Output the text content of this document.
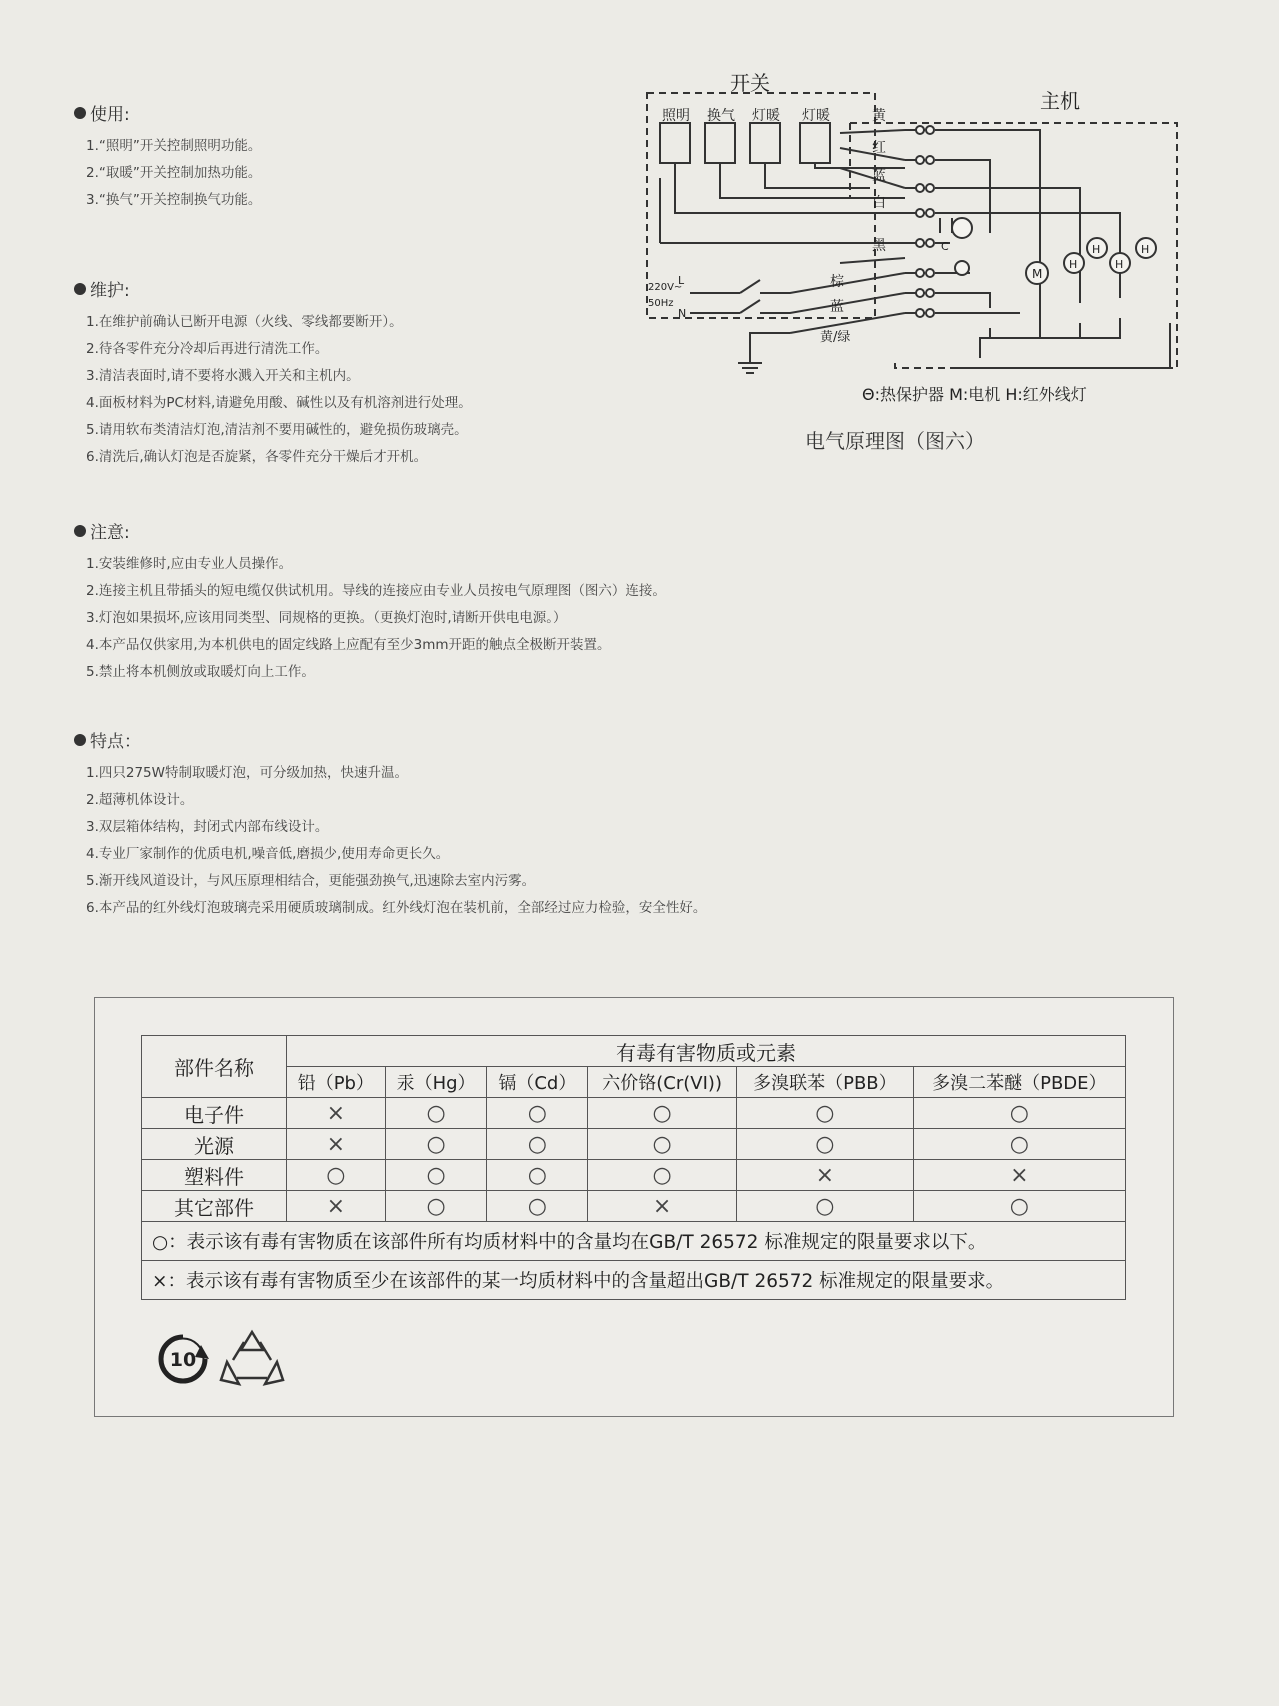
使用:
1.“照明”开关控制照明功能。
2.“取暖”开关控制加热功能。
3.“换气”开关控制换气功能。
维护:
1.在维护前确认已断开电源（火线、零线都要断开）。
2.待各零件充分冷却后再进行清洗工作。
3.清洁表面时,请不要将水溅入开关和主机内。
4.面板材料为PC材料,请避免用酸、碱性以及有机溶剂进行处理。
5.请用软布类清洁灯泡,清洁剂不要用碱性的，避免损伤玻璃壳。
6.清洗后,确认灯泡是否旋紧，各零件充分干燥后才开机。
注意:
1.安装维修时,应由专业人员操作。
2.连接主机且带插头的短电缆仅供试机用。导线的连接应由专业人员按电气原理图（图六）连接。
3.灯泡如果损坏,应该用同类型、同规格的更换。（更换灯泡时,请断开供电电源。）
4.本产品仅供家用,为本机供电的固定线路上应配有至少3mm开距的触点全极断开装置。
5.禁止将本机侧放或取暖灯向上工作。
特点：
1.四只275W特制取暖灯泡，可分级加热，快速升温。
2.超薄机体设计。
3.双层箱体结构，封闭式内部布线设计。
4.专业厂家制作的优质电机,噪音低,磨损少,使用寿命更长久。
5.渐开线风道设计，与风压原理相结合，更能强劲换气,迅速除去室内污雾。
6.本产品的红外线灯泡玻璃壳采用硬质玻璃制成。红外线灯泡在装机前，全部经过应力检验，安全性好。
开关
主机
照明 换气 灯暖 灯暖	黄
红
蓝
白
黑
棕
蓝
黄/绿
220V~
50Hz
L
N
C
M
H
H
H
H
Θ:热保护器 M:电机 H:红外线灯
电气原理图（图六）
部件名称	有毒有害物质或元素					
	铅（Pb）	汞（Hg）	镉（Cd）	六价铬(Cr(VI))	多溴联苯（PBB）	多溴二苯醚（PBDE）
电子件	×	○	○	○	○	○
光源	×	○	○	○	○	○
塑料件	○	○	○	○	×	×
其它部件	×	○	○	×	○	○
○：表示该有毒有害物质在该部件所有均质材料中的含量均在GB/T 26572 标准规定的限量要求以下。						
×：表示该有毒有害物质至少在该部件的某一均质材料中的含量超出GB/T 26572 标准规定的限量要求。						
10
